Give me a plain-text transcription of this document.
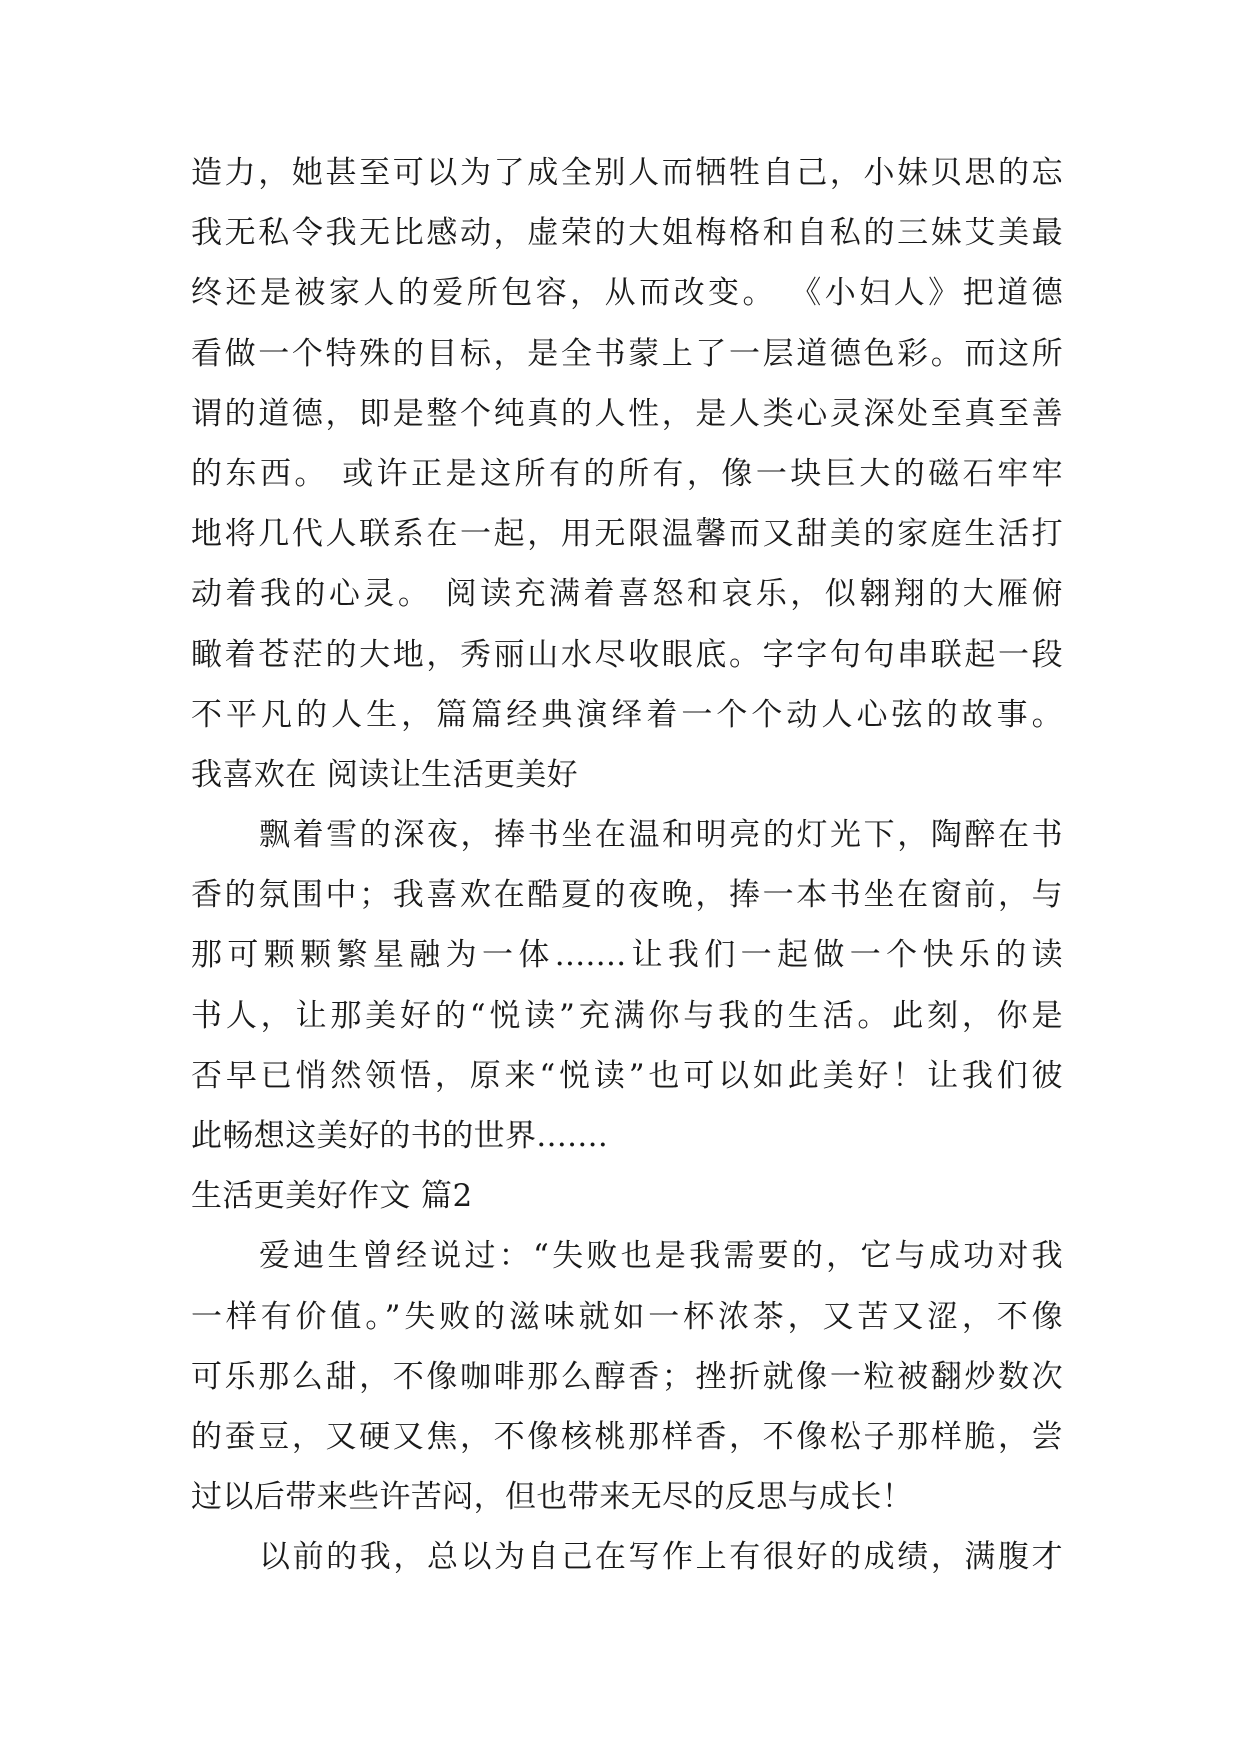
造力，她甚至可以为了成全别人而牺牲自己，小妹贝思的忘
我无私令我无比感动，虚荣的大姐梅格和自私的三妹艾美最
终还是被家人的爱所包容，从而改变。 《小妇人》把道德
看做一个特殊的目标，是全书蒙上了一层道德色彩。而这所
谓的道德，即是整个纯真的人性，是人类心灵深处至真至善
的东西。 或许正是这所有的所有，像一块巨大的磁石牢牢
地将几代人联系在一起，用无限温馨而又甜美的家庭生活打
动着我的心灵。 阅读充满着喜怒和哀乐，似翱翔的大雁俯
瞰着苍茫的大地，秀丽山水尽收眼底。字字句句串联起一段
不平凡的人生，篇篇经典演绎着一个个动人心弦的故事。
我喜欢在 阅读让生活更美好
飘着雪的深夜，捧书坐在温和明亮的灯光下，陶醉在书
香的氛围中；我喜欢在酷夏的夜晚，捧一本书坐在窗前，与
那可颗颗繁星融为一体.......让我们一起做一个快乐的读
书人，让那美好的“悦读”充满你与我的生活。此刻，你是
否早已悄然领悟，原来“悦读”也可以如此美好！让我们彼
此畅想这美好的书的世界.......
生活更美好作文 篇2
爱迪生曾经说过：“失败也是我需要的，它与成功对我
一样有价值。”失败的滋味就如一杯浓茶，又苦又涩，不像
可乐那么甜，不像咖啡那么醇香；挫折就像一粒被翻炒数次
的蚕豆，又硬又焦，不像核桃那样香，不像松子那样脆，尝
过以后带来些许苦闷，但也带来无尽的反思与成长！
以前的我，总以为自己在写作上有很好的成绩，满腹才
